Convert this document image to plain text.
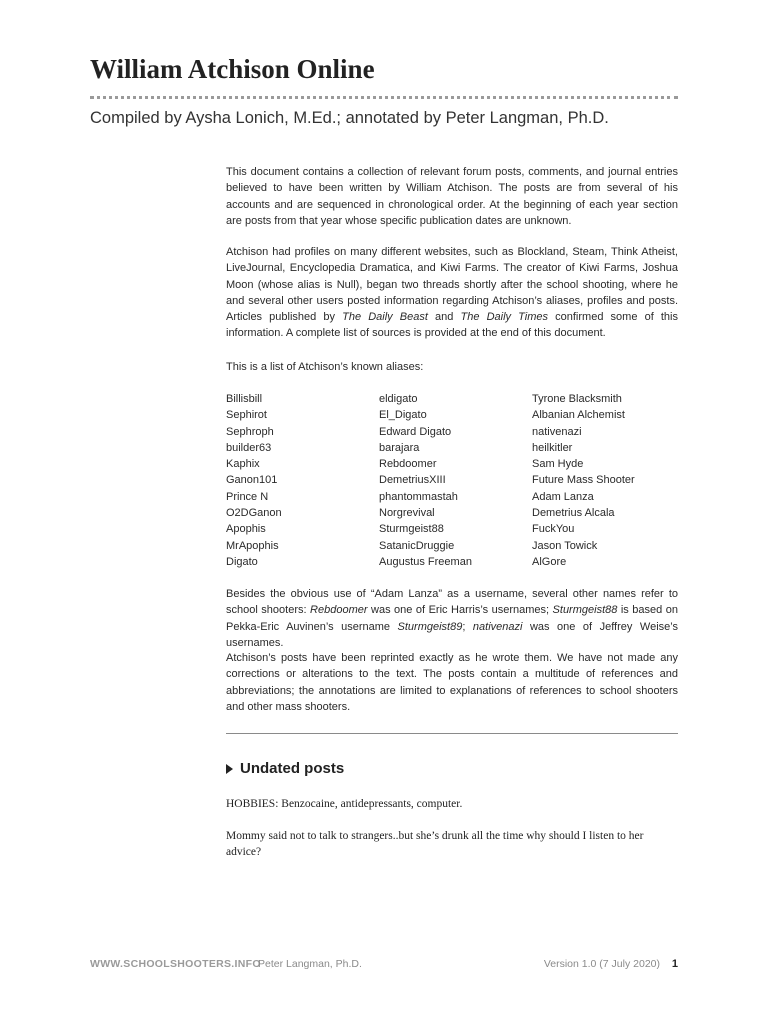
William Atchison Online

Compiled by Aysha Lonich, M.Ed.; annotated by Peter Langman, Ph.D.

This document contains a collection of relevant forum posts, comments, and journal entries believed to have been written by William Atchison. The posts are from several of his accounts and are sequenced in chronological order. At the beginning of each year section are posts from that year whose specific publication dates are unknown.

Atchison had profiles on many different websites, such as Blockland, Steam, Think Atheist, LiveJournal, Encyclopedia Dramatica, and Kiwi Farms. The creator of Kiwi Farms, Joshua Moon (whose alias is Null), began two threads shortly after the school shooting, where he and several other users posted information regarding Atchison’s aliases, profiles and posts. Articles published by The Daily Beast and The Daily Times confirmed some of this information. A complete list of sources is provided at the end of this document.

This is a list of Atchison’s known aliases:

Billisbill
Sephirot
Sephroph
builder63
Kaphix
Ganon101
Prince N
O2DGanon
Apophis
MrApophis
Digato
eldigato
El_Digato
Edward Digato
barajara
Rebdoomer
DemetriusXIII
phantommastah
Norgrevival
Sturmgeist88
SatanicDruggie
Augustus Freeman
Tyrone Blacksmith
Albanian Alchemist
nativenazi
heilkitler
Sam Hyde
Future Mass Shooter
Adam Lanza
Demetrius Alcala
FuckYou
Jason Towick
AlGore

Besides the obvious use of “Adam Lanza” as a username, several other names refer to school shooters: Rebdoomer was one of Eric Harris’s usernames; Sturmgeist88 is based on Pekka-Eric Auvinen’s username Sturmgeist89; nativenazi was one of Jeffrey Weise’s usernames.

Atchison’s posts have been reprinted exactly as he wrote them. We have not made any corrections or alterations to the text. The posts contain a multitude of references and abbreviations; the annotations are limited to explanations of references to school shooters and other mass shooters.

Undated posts
HOBBIES: Benzocaine, antidepressants, computer.
Mommy said not to talk to strangers..but she’s drunk all the time why should I listen to her advice?
WWW.SCHOOLSHOOTERS.INFO
Peter Langman, Ph.D.	Version 1.0 (7 July 2020) 1
